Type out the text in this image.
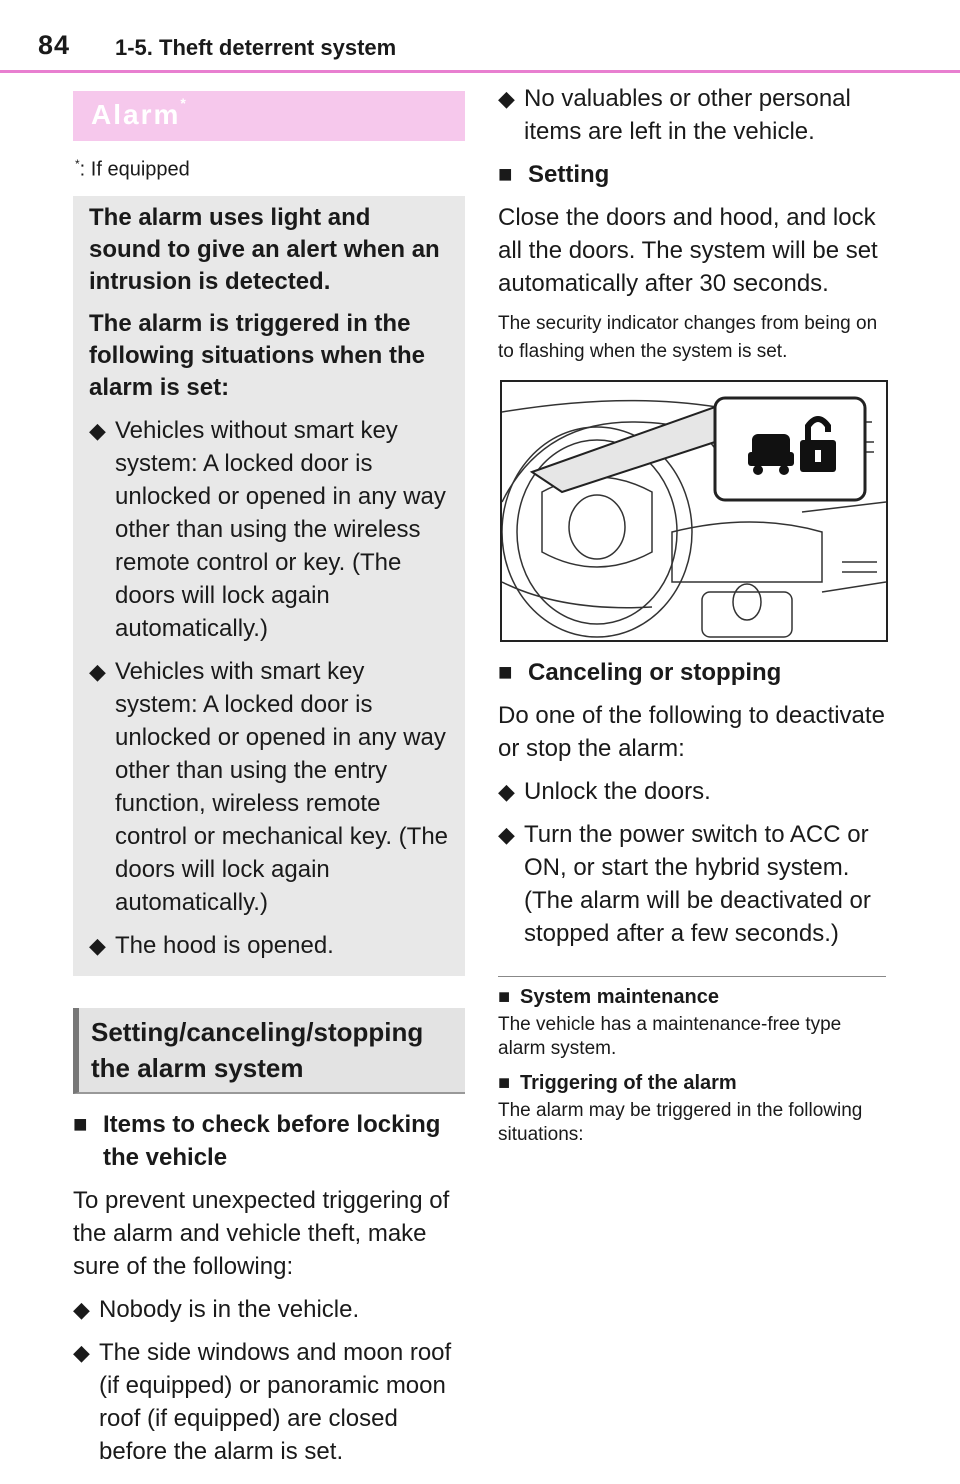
84 1-5. Theft deterrent system
Alarm*
*: If equipped

The alarm uses light and sound to give an alert when an intrusion is detected.

The alarm is triggered in the following situations when the alarm is set:

◆ Vehicles without smart key system: A locked door is unlocked or opened in any way other than using the wireless remote control or key. (The doors will lock again automatically.)
◆ Vehicles with smart key system: A locked door is unlocked or opened in any way other than using the entry function, wireless remote control or mechanical key. (The doors will lock again automatically.)
◆ The hood is opened.
Setting/canceling/stopping the alarm system
■ Items to check before locking the vehicle

To prevent unexpected triggering of the alarm and vehicle theft, make sure of the following:

◆ Nobody is in the vehicle.
◆ The side windows and moon roof (if equipped) or panoramic moon roof (if equipped) are closed before the alarm is set.
◆ No valuables or other personal items are left in the vehicle.
■ Setting

Close the doors and hood, and lock all the doors. The system will be set automatically after 30 seconds.

The security indicator changes from being on to flashing when the system is set.

■ Canceling or stopping

Do one of the following to deactivate or stop the alarm:

◆ Unlock the doors.
◆ Turn the power switch to ACC or ON, or start the hybrid system. (The alarm will be deactivated or stopped after a few seconds.)
■ System maintenance

The vehicle has a maintenance-free type alarm system.

■ Triggering of the alarm

The alarm may be triggered in the following situations:
